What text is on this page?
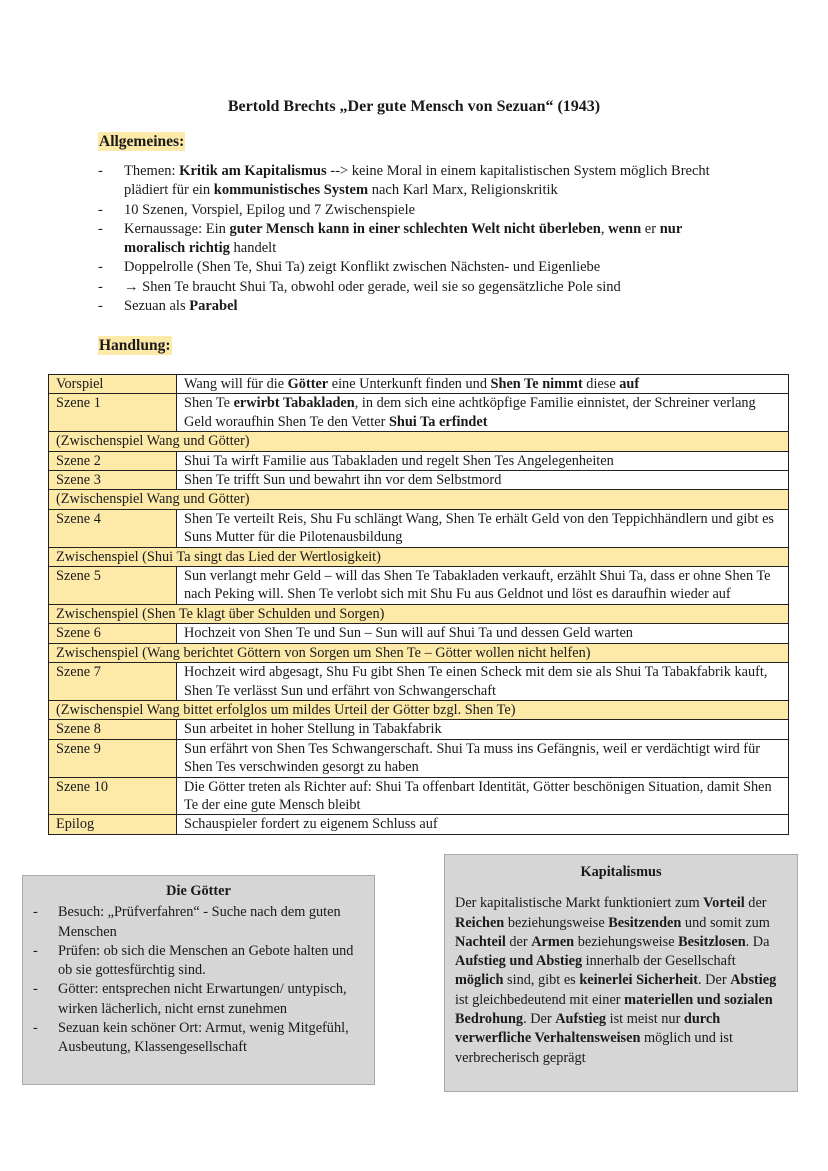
Bertold Brechts „Der gute Mensch von Sezuan“ (1943)
Allgemeines:
- Themen: Kritik am Kapitalismus --> keine Moral in einem kapitalistischen System möglich Brecht plädiert für ein kommunistisches System nach Karl Marx, Religionskritik
- 10 Szenen, Vorspiel, Epilog und 7 Zwischenspiele
- Kernaussage: Ein guter Mensch kann in einer schlechten Welt nicht überleben, wenn er nur moralisch richtig handelt
- Doppelrolle (Shen Te, Shui Ta) zeigt Konflikt zwischen Nächsten- und Eigenliebe
- → Shen Te braucht Shui Ta, obwohl oder gerade, weil sie so gegensätzliche Pole sind
- Sezuan als Parabel
Handlung:
Vorspiel	Wang will für die Götter eine Unterkunft finden und Shen Te nimmt diese auf
Szene 1	Shen Te erwirbt Tabakladen, in dem sich eine achtköpfige Familie einnistet, der Schreiner verlang Geld woraufhin Shen Te den Vetter Shui Ta erfindet
(Zwischenspiel Wang und Götter)	
Szene 2	Shui Ta wirft Familie aus Tabakladen und regelt Shen Tes Angelegenheiten
Szene 3	Shen Te trifft Sun und bewahrt ihn vor dem Selbstmord
(Zwischenspiel Wang und Götter)	
Szene 4	Shen Te verteilt Reis, Shu Fu schlängt Wang, Shen Te erhält Geld von den Teppichhändlern und gibt es Suns Mutter für die Pilotenausbildung
Zwischenspiel (Shui Ta singt das Lied der Wertlosigkeit)	
Szene 5	Sun verlangt mehr Geld – will das Shen Te Tabakladen verkauft, erzählt Shui Ta, dass er ohne Shen Te nach Peking will. Shen Te verlobt sich mit Shu Fu aus Geldnot und löst es daraufhin wieder auf
Zwischenspiel (Shen Te klagt über Schulden und Sorgen)	
Szene 6	Hochzeit von Shen Te und Sun – Sun will auf Shui Ta und dessen Geld warten
Zwischenspiel (Wang berichtet Göttern von Sorgen um Shen Te – Götter wollen nicht helfen)	
Szene 7	Hochzeit wird abgesagt, Shu Fu gibt Shen Te einen Scheck mit dem sie als Shui Ta Tabakfabrik kauft, Shen Te verlässt Sun und erfährt von Schwangerschaft
(Zwischenspiel Wang bittet erfolglos um mildes Urteil der Götter bzgl. Shen Te)	
Szene 8	Sun arbeitet in hoher Stellung in Tabakfabrik
Szene 9	Sun erfährt von Shen Tes Schwangerschaft. Shui Ta muss ins Gefängnis, weil er verdächtigt wird für Shen Tes verschwinden gesorgt zu haben
Szene 10	Die Götter treten als Richter auf: Shui Ta offenbart Identität, Götter beschönigen Situation, damit Shen Te der eine gute Mensch bleibt
Epilog	Schauspieler fordert zu eigenem Schluss auf
Die Götter
- Besuch: „Prüfverfahren“ - Suche nach dem guten Menschen
- Prüfen: ob sich die Menschen an Gebote halten und ob sie gottesfürchtig sind.
- Götter: entsprechen nicht Erwartungen/ untypisch, wirken lächerlich, nicht ernst zunehmen
- Sezuan kein schöner Ort: Armut, wenig Mitgefühl, Ausbeutung, Klassengesellschaft
Kapitalismus
Der kapitalistische Markt funktioniert zum Vorteil der Reichen beziehungsweise Besitzenden und somit zum Nachteil der Armen beziehungsweise Besitzlosen. Da Aufstieg und Abstieg innerhalb der Gesellschaft möglich sind, gibt es keinerlei Sicherheit. Der Abstieg ist gleichbedeutend mit einer materiellen und sozialen Bedrohung. Der Aufstieg ist meist nur durch verwerfliche Verhaltensweisen möglich und ist verbrecherisch geprägt
